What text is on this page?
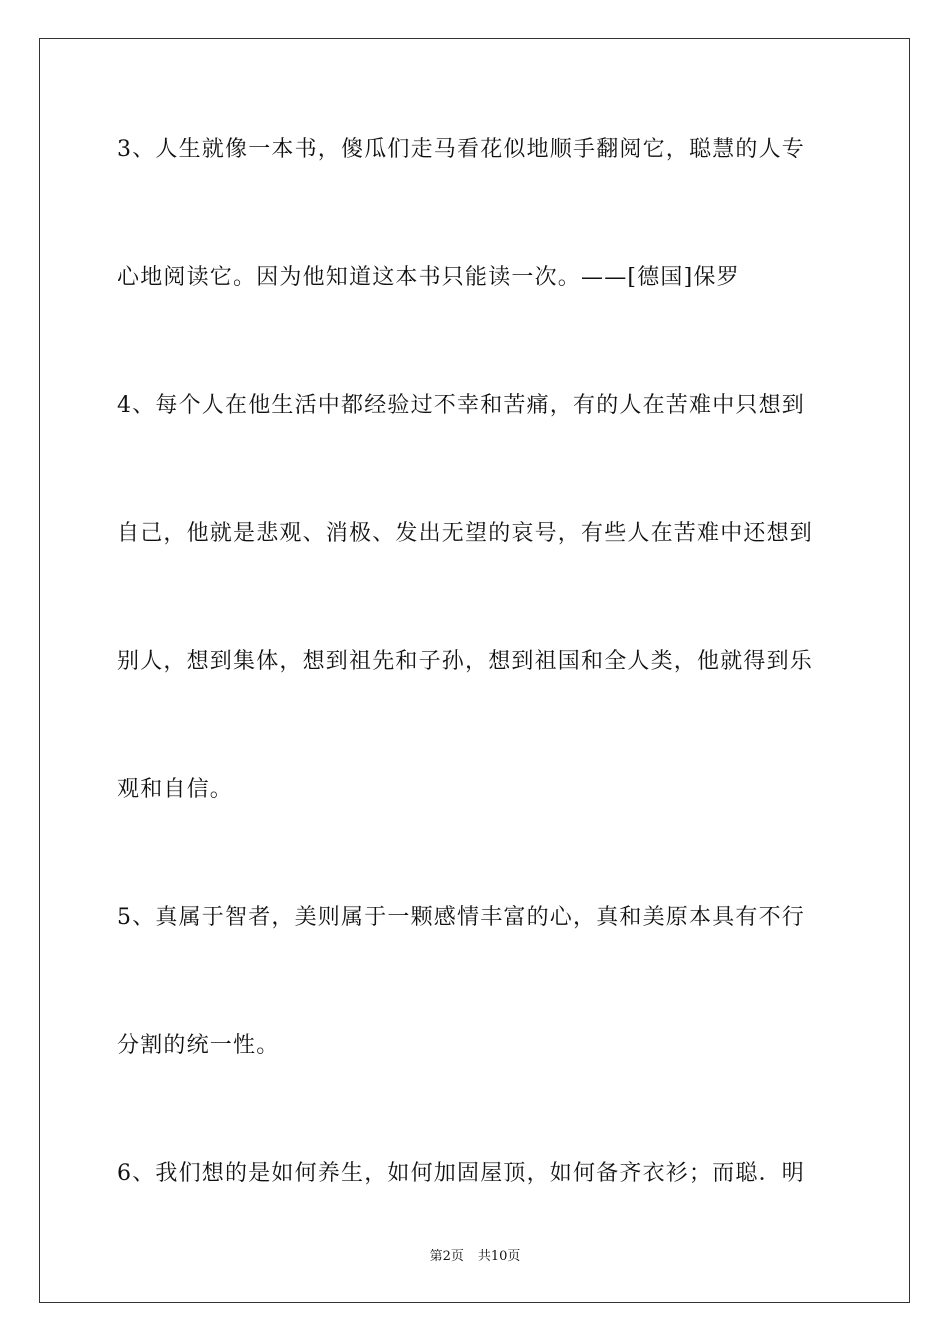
3、人生就像一本书，傻瓜们走马看花似地顺手翻阅它，聪慧的人专
心地阅读它。因为他知道这本书只能读一次。——[德国]保罗
4、每个人在他生活中都经验过不幸和苦痛，有的人在苦难中只想到
自己，他就是悲观、消极、发出无望的哀号，有些人在苦难中还想到
别人，想到集体，想到祖先和子孙，想到祖国和全人类，他就得到乐
观和自信。
5、真属于智者，美则属于一颗感情丰富的心，真和美原本具有不行
分割的统一性。
6、我们想的是如何养生，如何加固屋顶，如何备齐衣衫；而聪．明
第2页 共10页
